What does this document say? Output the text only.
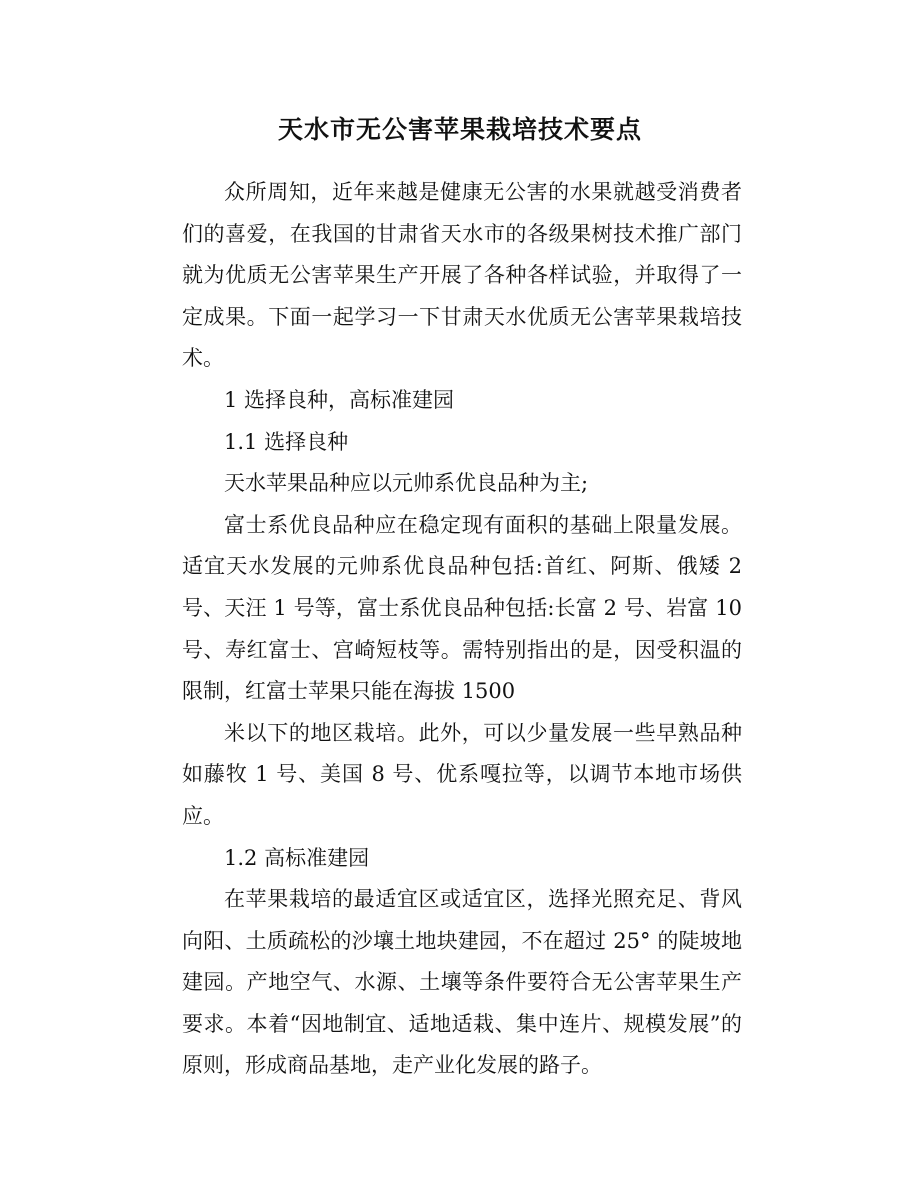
天水市无公害苹果栽培技术要点

众所周知，近年来越是健康无公害的水果就越受消费者们的喜爱，在我国的甘肃省天水市的各级果树技术推广部门就为优质无公害苹果生产开展了各种各样试验，并取得了一定成果。下面一起学习一下甘肃天水优质无公害苹果栽培技术。

1 选择良种，高标准建园

1.1 选择良种

天水苹果品种应以元帅系优良品种为主;

富士系优良品种应在稳定现有面积的基础上限量发展。适宜天水发展的元帅系优良品种包括:首红、阿斯、俄矮 2 号、天汪 1 号等，富士系优良品种包括:长富 2 号、岩富 10 号、寿红富士、宫崎短枝等。需特别指出的是，因受积温的限制，红富士苹果只能在海拔 1500

米以下的地区栽培。此外，可以少量发展一些早熟品种如藤牧 1 号、美国 8 号、优系嘎拉等，以调节本地市场供应。

1.2 高标准建园

在苹果栽培的最适宜区或适宜区，选择光照充足、背风向阳、土质疏松的沙壤土地块建园，不在超过 25° 的陡坡地建园。产地空气、水源、土壤等条件要符合无公害苹果生产要求。本着“因地制宜、适地适栽、集中连片、规模发展”的原则，形成商品基地，走产业化发展的路子。
